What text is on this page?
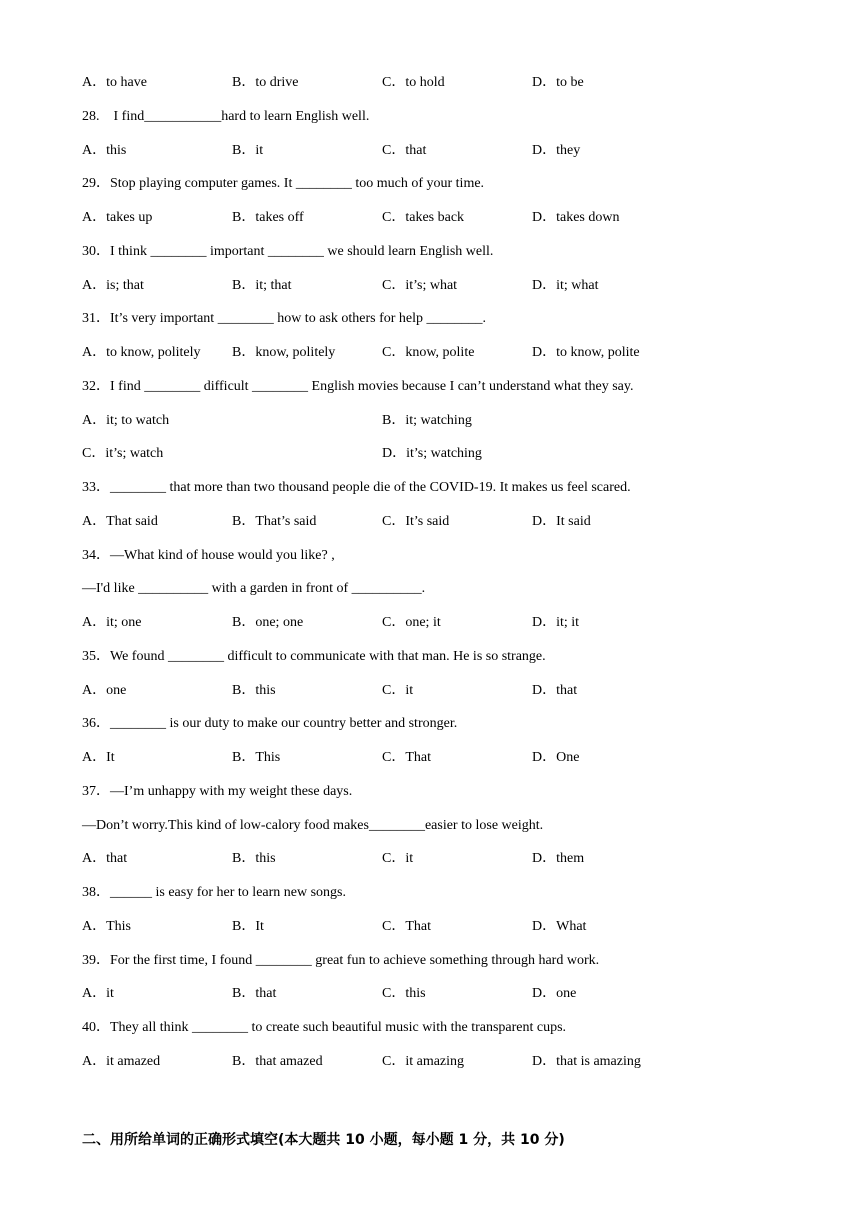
二、用所给单词的正确形式填空(本大题共 10 小题，每小题 1 分，共 10 分)
A．to have	B．to drive	C．to hold	D．to be
28.　I find___________hard to learn English well.
A．this	B．it	C．that	D．they
29．Stop playing computer games. It ________ too much of your time.
A．takes up	B．takes off	C．takes back	D．takes down
30．I think ________ important ________ we should learn English well.
A．is; that	B．it; that	C．it’s; what	D．it; what
31．It’s very important ________ how to ask others for help ________.
A．to know, politely B．know, politely	C．know, polite	D．to know, polite
32．I find ________ difficult ________ English movies because I can’t understand what they say.
A．it; to watch	B．it; watching
C．it’s; watch	D．it’s; watching
33．________ that more than two thousand people die of the COVID-19. It makes us feel scared.
A．That said	B．That’s said	C．It’s said	D．It said
34．—What kind of house would you like? ,
—I'd like __________ with a garden in front of __________.
A．it; one	B．one; one	C．one; it	D．it; it
35．We found ________ difficult to communicate with that man. He is so strange.
A．one	B．this	C．it	D．that
36．________ is our duty to make our country better and stronger.
A．It	B．This	C．That	D．One
37．—I’m unhappy with my weight these days.
—Don’t worry.This kind of low-calory food makes________easier to lose weight.
A．that	B．this	C．it	D．them
38．______ is easy for her to learn new songs.
A．This	B．It	C．That	D．What
39．For the first time, I found ________ great fun to achieve something through hard work.
A．it	B．that	C．this	D．one
40．They all think ________ to create such beautiful music with the transparent cups.
A．it amazed	B．that amazed	C．it amazing	D．that is amazing
